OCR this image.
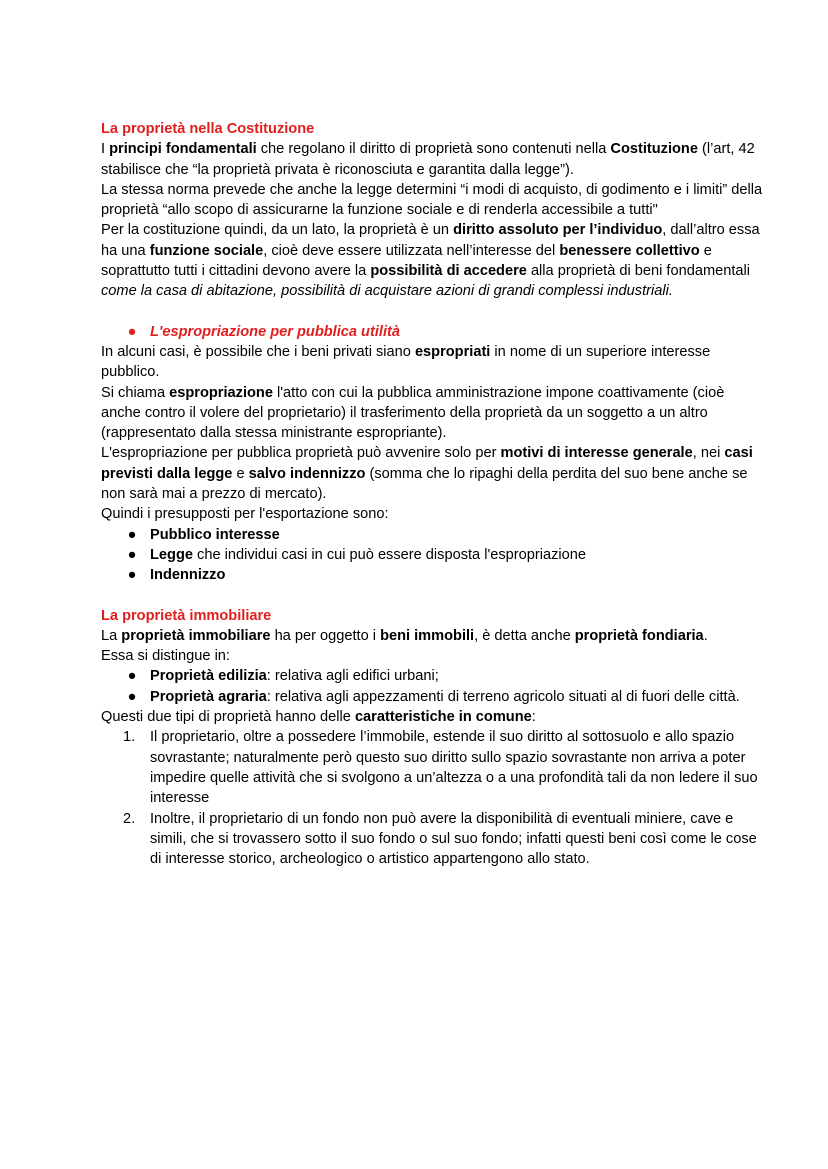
La proprietà nella Costituzione

I principi fondamentali che regolano il diritto di proprietà sono contenuti nella Costituzione (l’art, 42 stabilisce che “la proprietà privata è riconosciuta e garantita dalla legge”).

La stessa norma prevede che anche la legge determini “i modi di acquisto, di godimento e i limiti” della proprietà “allo scopo di assicurarne la funzione sociale e di renderla accessibile a tutti"

Per la costituzione quindi, da un lato, la proprietà è un diritto assoluto per l’individuo, dall’altro essa ha una funzione sociale, cioè deve essere utilizzata nell’interesse del benessere collettivo e soprattutto tutti i cittadini devono avere la possibilità di accedere alla proprietà di beni fondamentali come la casa di abitazione, possibilità di acquistare azioni di grandi complessi industriali.

● L'espropriazione per pubblica utilità

In alcuni casi, è possibile che i beni privati siano espropriati in nome di un superiore interesse pubblico.

Si chiama espropriazione l'atto con cui la pubblica amministrazione impone coattivamente (cioè anche contro il volere del proprietario) il trasferimento della proprietà da un soggetto a un altro (rappresentato dalla stessa ministrante espropriante).

L'espropriazione per pubblica proprietà può avvenire solo per motivi di interesse generale, nei casi previsti dalla legge e salvo indennizzo (somma che lo ripaghi della perdita del suo bene anche se non sarà mai a prezzo di mercato).

Quindi i presupposti per l'esportazione sono:

● Pubblico interesse
● Legge che individui casi in cui può essere disposta l'espropriazione
● Indennizzo

La proprietà immobiliare

La proprietà immobiliare ha per oggetto i beni immobili, è detta anche proprietà fondiaria.

Essa si distingue in:

● Proprietà edilizia: relativa agli edifici urbani;
● Proprietà agraria: relativa agli appezzamenti di terreno agricolo situati al di fuori delle città.

Questi due tipi di proprietà hanno delle caratteristiche in comune:

1. Il proprietario, oltre a possedere l’immobile, estende il suo diritto al sottosuolo e allo spazio sovrastante; naturalmente però questo suo diritto sullo spazio sovrastante non arriva a poter impedire quelle attività che si svolgono a un’altezza o a una profondità tali da non ledere il suo interesse
2. Inoltre, il proprietario di un fondo non può avere la disponibilità di eventuali miniere, cave e simili, che si trovassero sotto il suo fondo o sul suo fondo; infatti questi beni così come le cose di interesse storico, archeologico o artistico appartengono allo stato.
